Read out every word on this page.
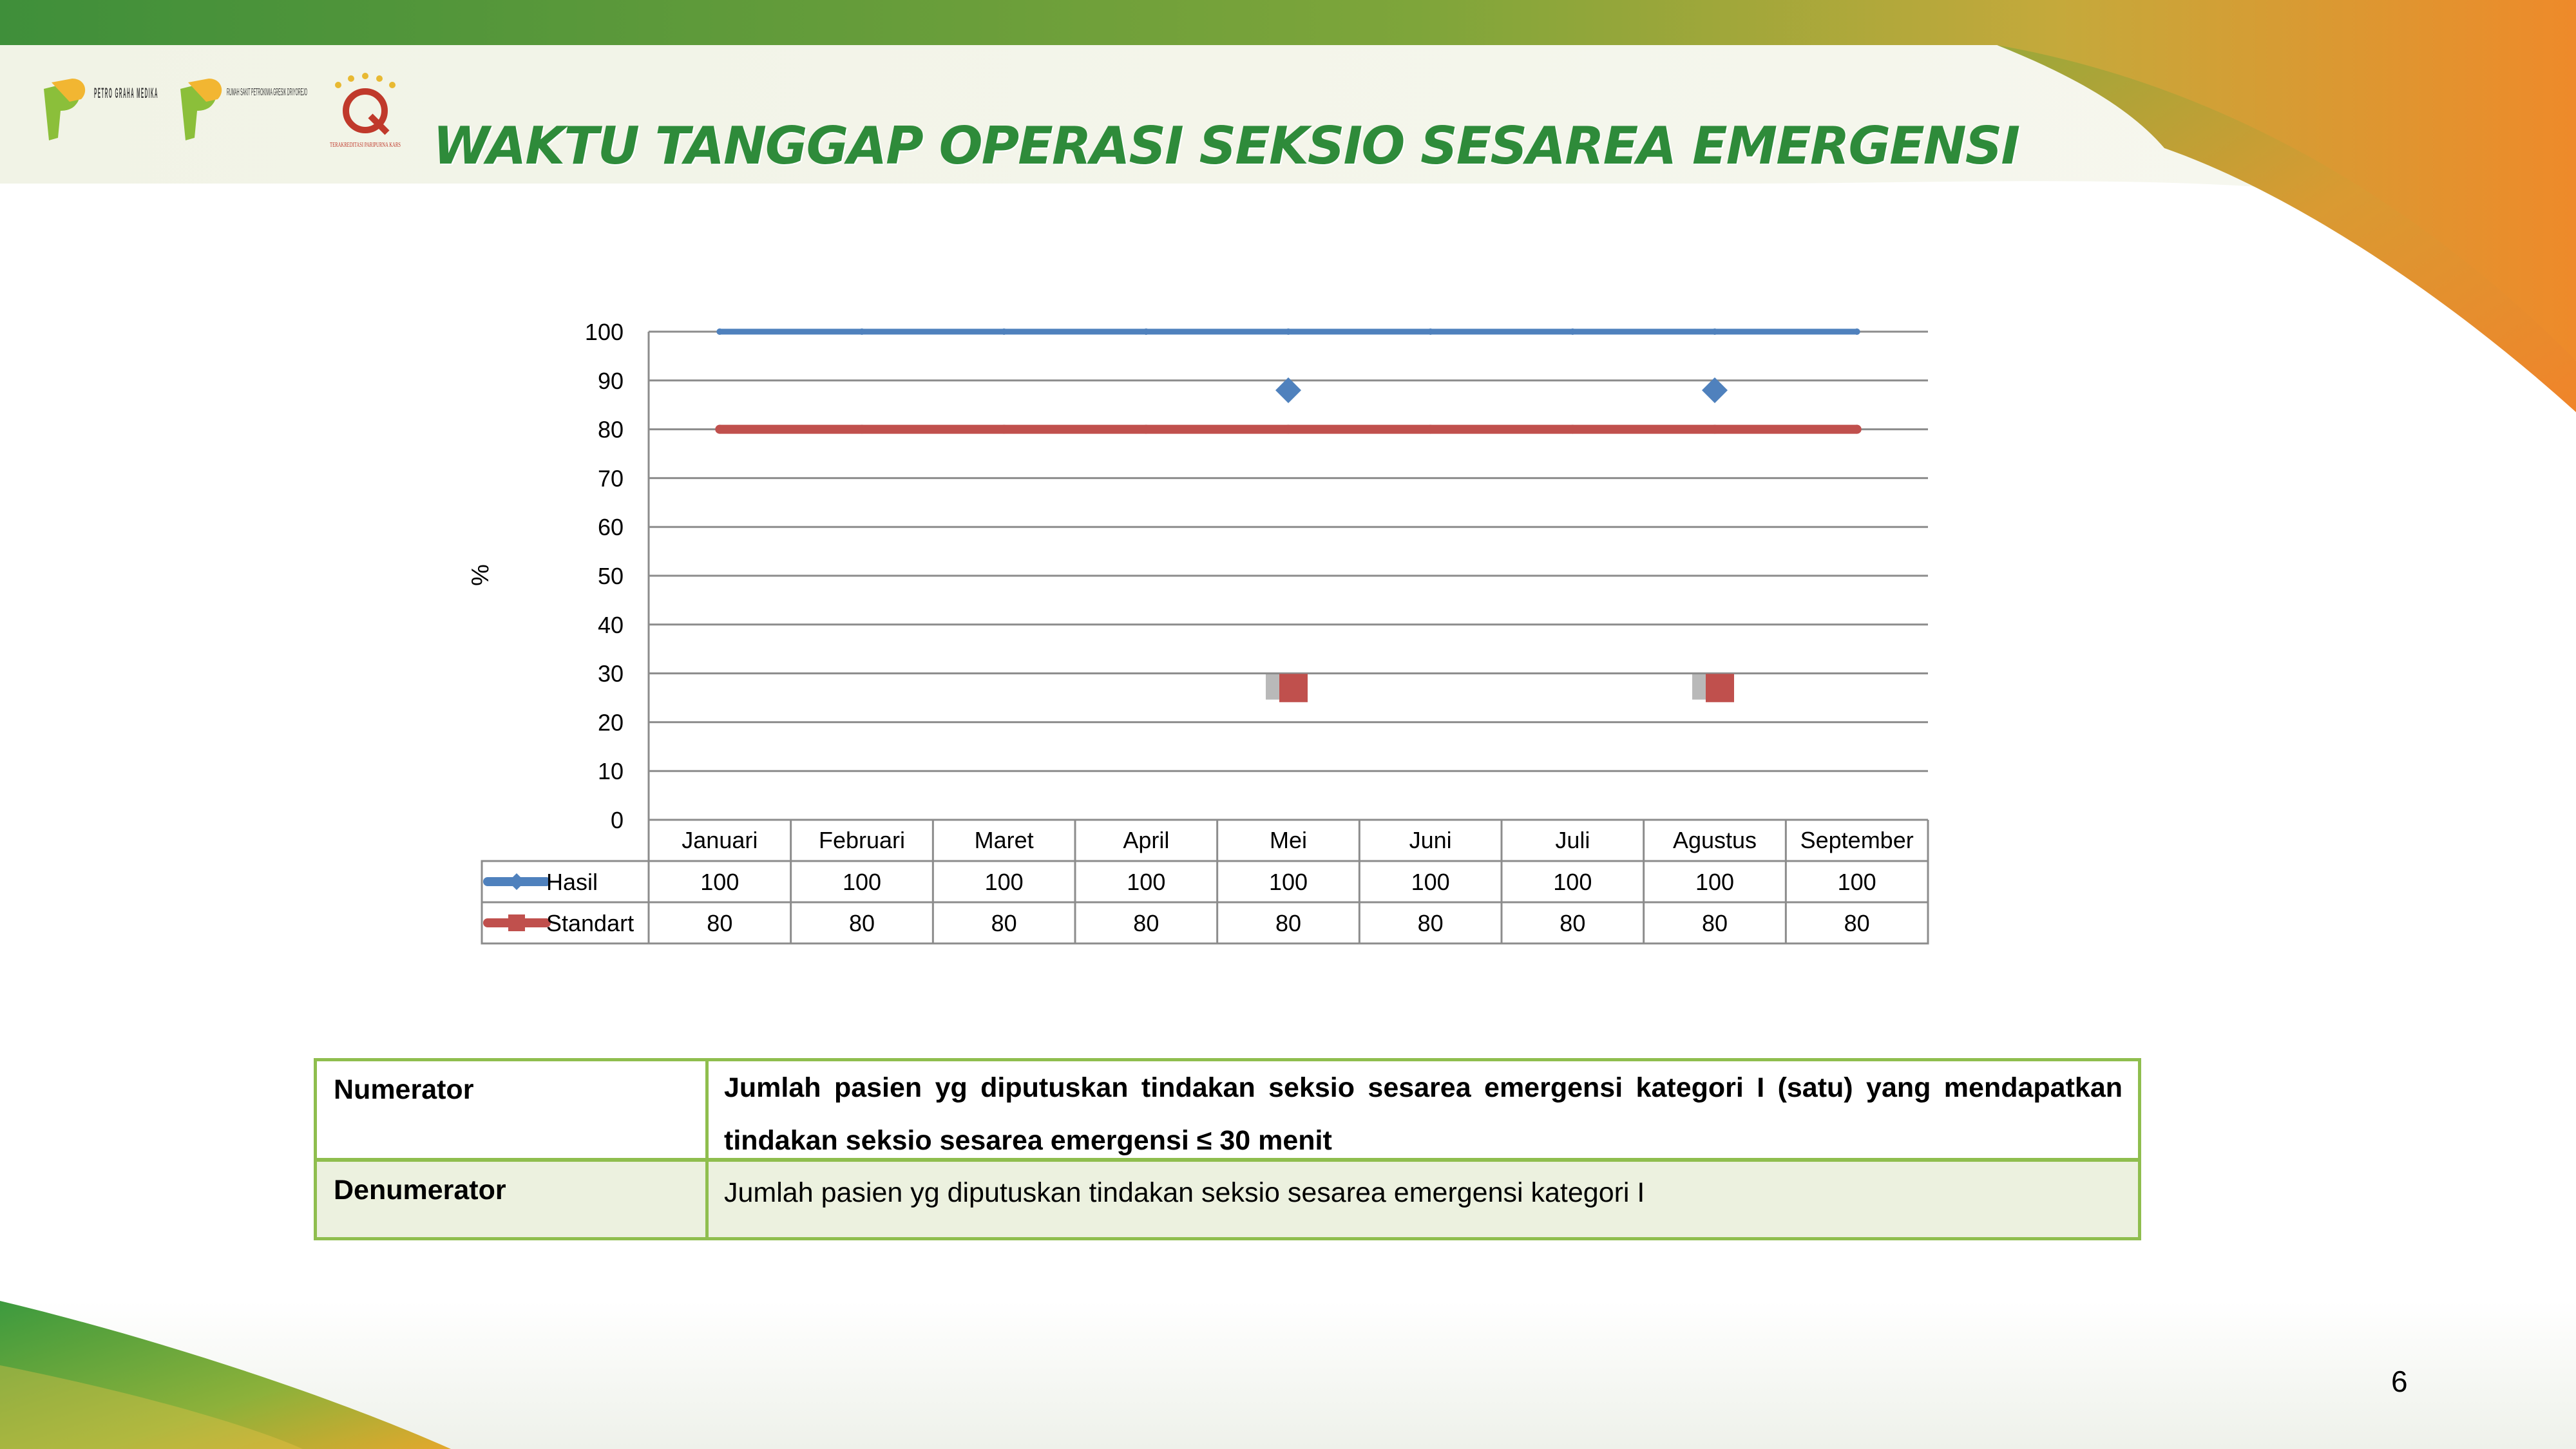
PETRO GRAHA MEDIKA	RUMAH SAKIT PETROKIMIA GRESIK DRIYOREJO
TERAKREDITASI PARIPURNA KARS WAKTU TANGGAP OPERASI SEKSIO SESAREA EMERGENSI
0
10
20
30
40
50
60
70
80
90
100
%
Januari	Februari	Maret	April	Mei	Juni	Juli	Agustus September
Hasil	100	100	100	100	100	100	100	100	100
Standart	80	80	80	80	80	80	80	80	80
Numerator	Jumlah pasien yg diputuskan tindakan seksio sesarea emergensi kategori I (satu) yang mendapatkan tindakan seksio sesarea emergensi ≤ 30 menit
Denumerator	Jumlah pasien yg diputuskan tindakan seksio sesarea emergensi kategori I
6
